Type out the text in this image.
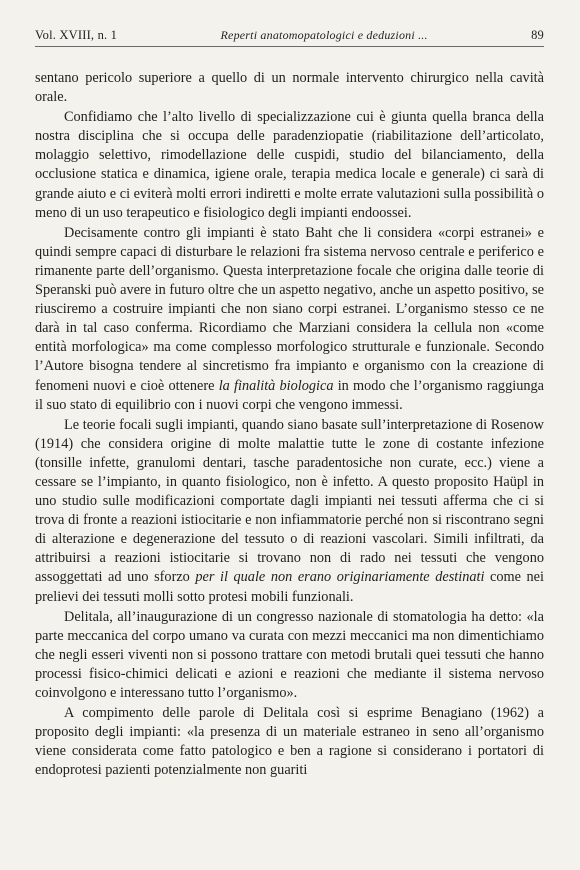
Vol. XVIII, n. 1	Reperti anatomopatologici e deduzioni ...	89

sentano pericolo superiore a quello di un normale intervento chirurgico nella cavità orale.

Confidiamo che l’alto livello di specializzazione cui è giunta quella branca della nostra disciplina che si occupa delle paradenziopatie (riabilitazione dell’articolato, molaggio selettivo, rimodellazione delle cuspidi, studio del bilanciamento, della occlusione statica e dinamica, igiene orale, terapia medica locale e generale) ci sarà di grande aiuto e ci eviterà molti errori indiretti e molte errate valutazioni sulla possibilità o meno di un uso terapeutico e fisiologico degli impianti endoossei.

Decisamente contro gli impianti è stato Baht che li considera «corpi estranei» e quindi sempre capaci di disturbare le relazioni fra sistema nervoso centrale e periferico e rimanente parte dell’organismo. Questa interpretazione focale che origina dalle teorie di Speranski può avere in futuro oltre che un aspetto negativo, anche un aspetto positivo, se riusciremo a costruire impianti che non siano corpi estranei. L’organismo stesso ce ne darà in tal caso conferma. Ricordiamo che Marziani considera la cellula non «come entità morfologica» ma come complesso morfologico strutturale e funzionale. Secondo l’Autore bisogna tendere al sincretismo fra impianto e organismo con la creazione di fenomeni nuovi e cioè ottenere la finalità biologica in modo che l’organismo raggiunga il suo stato di equilibrio con i nuovi corpi che vengono immessi.

Le teorie focali sugli impianti, quando siano basate sull’interpretazione di Rosenow (1914) che considera origine di molte malattie tutte le zone di costante infezione (tonsille infette, granulomi dentari, tasche paradentosiche non curate, ecc.) viene a cessare se l’impianto, in quanto fisiologico, non è infetto. A questo proposito Haüpl in uno studio sulle modificazioni comportate dagli impianti nei tessuti afferma che ci si trova di fronte a reazioni istiocitarie e non infiammatorie perché non si riscontrano segni di alterazione e degenerazione del tessuto o di reazioni vascolari. Simili infiltrati, da attribuirsi a reazioni istiocitarie si trovano non di rado nei tessuti che vengono assoggettati ad uno sforzo per il quale non erano originariamente destinati come nei prelievi dei tessuti molli sotto protesi mobili funzionali.

Delitala, all’inaugurazione di un congresso nazionale di stomatologia ha detto: «la parte meccanica del corpo umano va curata con mezzi meccanici ma non dimentichiamo che negli esseri viventi non si possono trattare con metodi brutali quei tessuti che hanno processi fisico-chimici delicati e azioni e reazioni che mediante il sistema nervoso coinvolgono e interessano tutto l’organismo».

A compimento delle parole di Delitala così si esprime Benagiano (1962) a proposito degli impianti: «la presenza di un materiale estraneo in seno all’organismo viene considerata come fatto patologico e ben a ragione si considerano i portatori di endoprotesi pazienti potenzialmente non guariti
